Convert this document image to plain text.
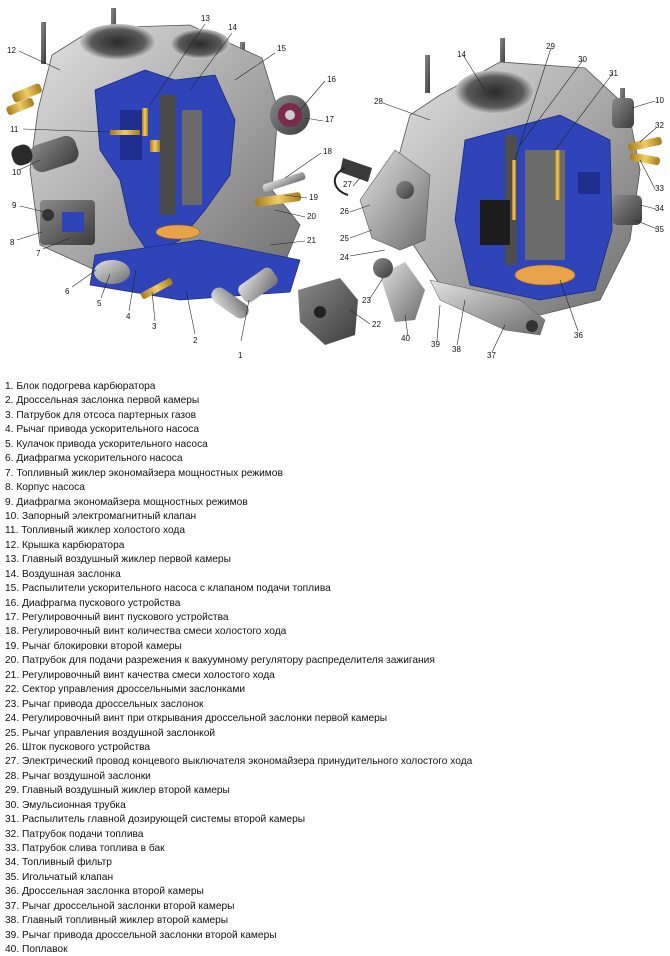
1
2
3
4
5
6
7
8
9
10
11
12
13
14
15
16
17
18
19
20
21
22
10
14
23
24
25
26
27
28
29
30
31
32
33
34
35
36
37
38
39
40
1. Блок подогрева карбюратора
2. Дроссельная заслонка первой камеры
3. Патрубок для отсоса партерных газов
4. Рычаг привода ускорительного насоса
5. Кулачок привода ускорительного насоса
6. Диафрагма ускорительного насоса
7. Топливный жиклер экономайзера мощностных режимов
8. Корпус насоса
9. Диафрагма экономайзера мощностных режимов
10. Запорный электромагнитный клапан
11. Топливный жиклер холостого хода
12. Крышка карбюратора
13. Главный воздушный жиклер первой камеры
14. Воздушная заслонка
15. Распылители ускорительного насоса с клапаном подачи топлива
16. Диафрагма пускового устройства
17. Регулировочный винт пускового устройства
18. Регулировочный винт количества смеси холостого хода
19. Рычаг блокировки второй камеры
20. Патрубок для подачи разрежения к вакуумному регулятору распределителя зажигания
21. Регулировочный винт качества смеси холостого хода
22. Сектор управления дроссельными заслонками
23. Рычаг привода дроссельных заслонок
24. Регулировочный винт при открывания дроссельной заслонки первой камеры
25. Рычаг управления воздушной заслонкой
26. Шток пускового устройства
27. Электрический провод концевого выключателя экономайзера принудительного холостого хода
28. Рычаг воздушной заслонки
29. Главный воздушный жиклер второй камеры
30. Эмульсионная трубка
31. Распылитель главной дозирующей системы второй камеры
32. Патрубок подачи топлива
33. Патрубок слива топлива в бак
34. Топливный фильтр
35. Игольчатый клапан
36. Дроссельная заслонка второй камеры
37. Рычаг дроссельной заслонки второй камеры
38. Главный топливный жиклер второй камеры
39. Рычаг привода дроссельной заслонки второй камеры
40. Поплавок
